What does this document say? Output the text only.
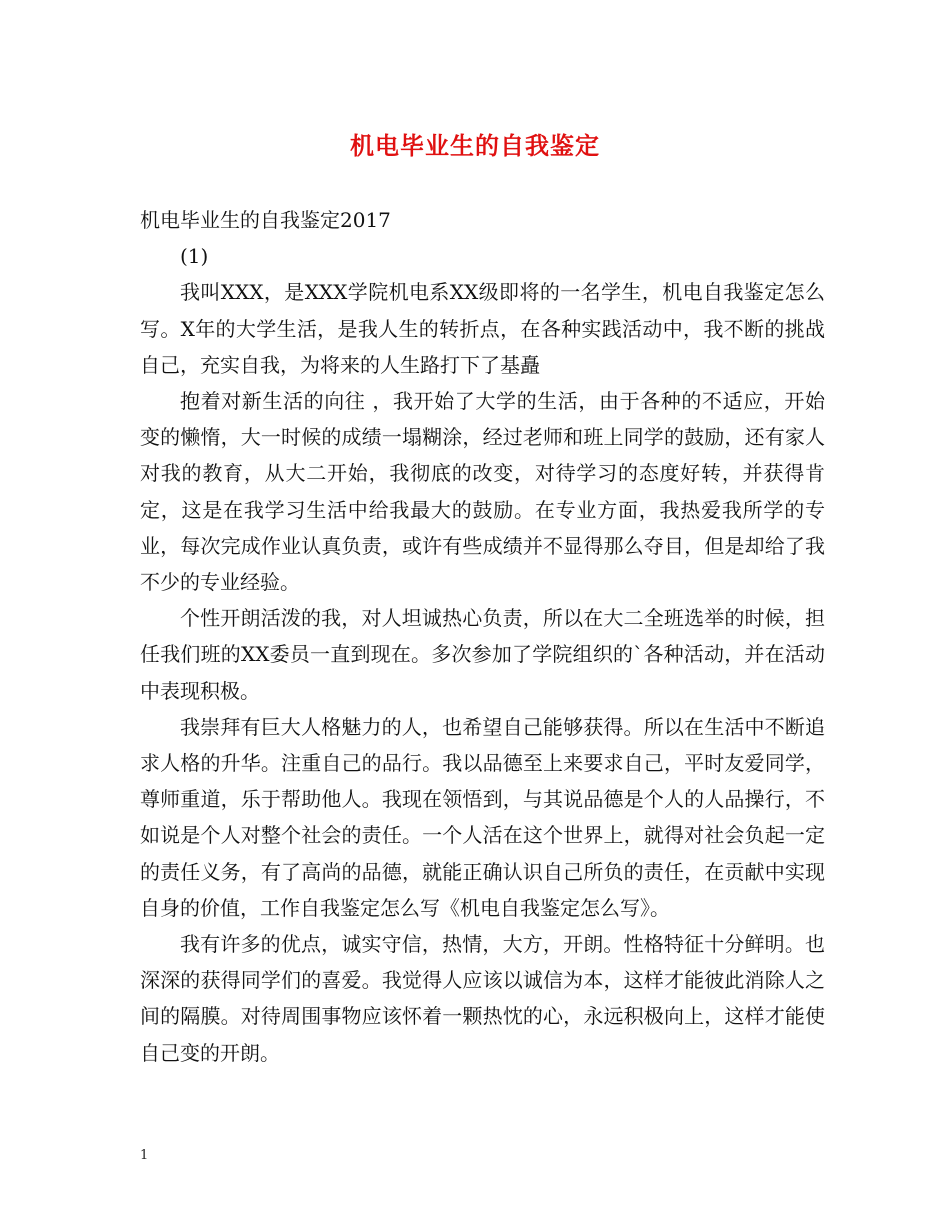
机电毕业生的自我鉴定

机电毕业生的自我鉴定2017

(1)

我叫XXX，是XXX学院机电系XX级即将的一名学生，机电自我鉴定怎么写。X年的大学生活，是我人生的转折点，在各种实践活动中，我不断的挑战自己，充实自我，为将来的人生路打下了基矗

抱着对新生活的向往 ，我开始了大学的生活，由于各种的不适应，开始变的懒惰，大一时候的成绩一塌糊涂，经过老师和班上同学的鼓励，还有家人对我的教育，从大二开始，我彻底的改变，对待学习的态度好转，并获得肯定，这是在我学习生活中给我最大的鼓励。在专业方面，我热爱我所学的专业，每次完成作业认真负责，或许有些成绩并不显得那么夺目，但是却给了我不少的专业经验。

个性开朗活泼的我，对人坦诚热心负责，所以在大二全班选举的时候，担任我们班的XX委员一直到现在。多次参加了学院组织的`各种活动，并在活动中表现积极。

我崇拜有巨大人格魅力的人，也希望自己能够获得。所以在生活中不断追求人格的升华。注重自己的品行。我以品德至上来要求自己，平时友爱同学，尊师重道，乐于帮助他人。我现在领悟到，与其说品德是个人的人品操行，不如说是个人对整个社会的责任。一个人活在这个世界上，就得对社会负起一定的责任义务，有了高尚的品德，就能正确认识自己所负的责任，在贡献中实现自身的价值，工作自我鉴定怎么写《机电自我鉴定怎么写》。

我有许多的优点，诚实守信，热情，大方，开朗。性格特征十分鲜明。也深深的获得同学们的喜爱。我觉得人应该以诚信为本，这样才能彼此消除人之间的隔膜。对待周围事物应该怀着一颗热忱的心，永远积极向上，这样才能使自己变的开朗。

1
